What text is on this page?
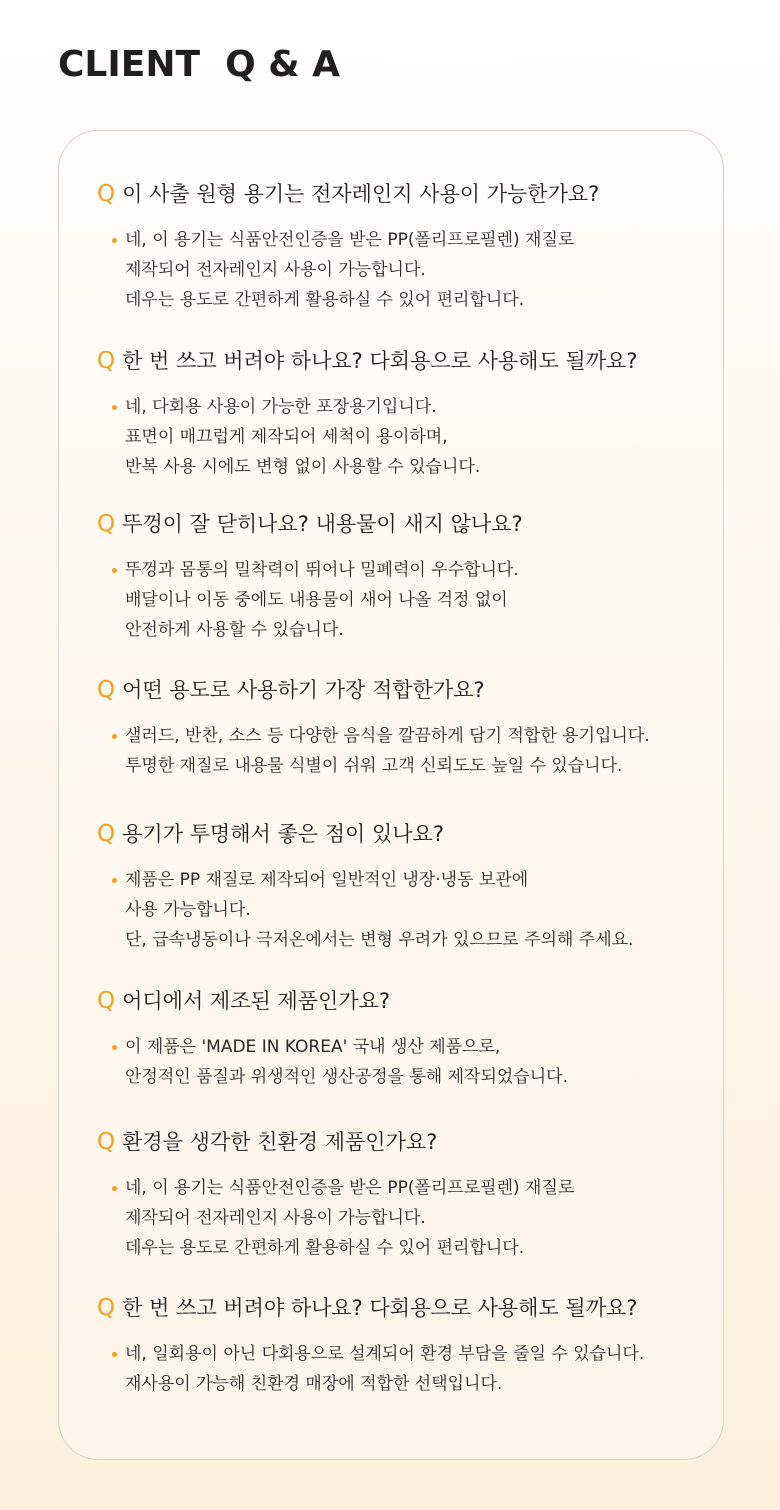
CLIENT  Q & A
Q 이 사출 원형 용기는 전자레인지 사용이 가능한가요?
네, 이 용기는 식품안전인증을 받은 PP(폴리프로필렌) 재질로
제작되어 전자레인지 사용이 가능합니다.
데우는 용도로 간편하게 활용하실 수 있어 편리합니다.
Q 한 번 쓰고 버려야 하나요? 다회용으로 사용해도 될까요?
네, 다회용 사용이 가능한 포장용기입니다.
표면이 매끄럽게 제작되어 세척이 용이하며,
반복 사용 시에도 변형 없이 사용할 수 있습니다.
Q 뚜껑이 잘 닫히나요? 내용물이 새지 않나요?
뚜껑과 몸통의 밀착력이 뛰어나 밀폐력이 우수합니다.
배달이나 이동 중에도 내용물이 새어 나올 걱정 없이
안전하게 사용할 수 있습니다.
Q 어떤 용도로 사용하기 가장 적합한가요?
샐러드, 반찬, 소스 등 다양한 음식을 깔끔하게 담기 적합한 용기입니다.
투명한 재질로 내용물 식별이 쉬워 고객 신뢰도도 높일 수 있습니다.
Q 용기가 투명해서 좋은 점이 있나요?
제품은 PP 재질로 제작되어 일반적인 냉장·냉동 보관에
사용 가능합니다.
단, 급속냉동이나 극저온에서는 변형 우려가 있으므로 주의해 주세요.
Q 어디에서 제조된 제품인가요?
이 제품은 'MADE IN KOREA' 국내 생산 제품으로,
안정적인 품질과 위생적인 생산공정을 통해 제작되었습니다.
Q 환경을 생각한 친환경 제품인가요?
네, 이 용기는 식품안전인증을 받은 PP(폴리프로필렌) 재질로
제작되어 전자레인지 사용이 가능합니다.
데우는 용도로 간편하게 활용하실 수 있어 편리합니다.
Q 한 번 쓰고 버려야 하나요? 다회용으로 사용해도 될까요?
네, 일회용이 아닌 다회용으로 설계되어 환경 부담을 줄일 수 있습니다.
재사용이 가능해 친환경 매장에 적합한 선택입니다.
